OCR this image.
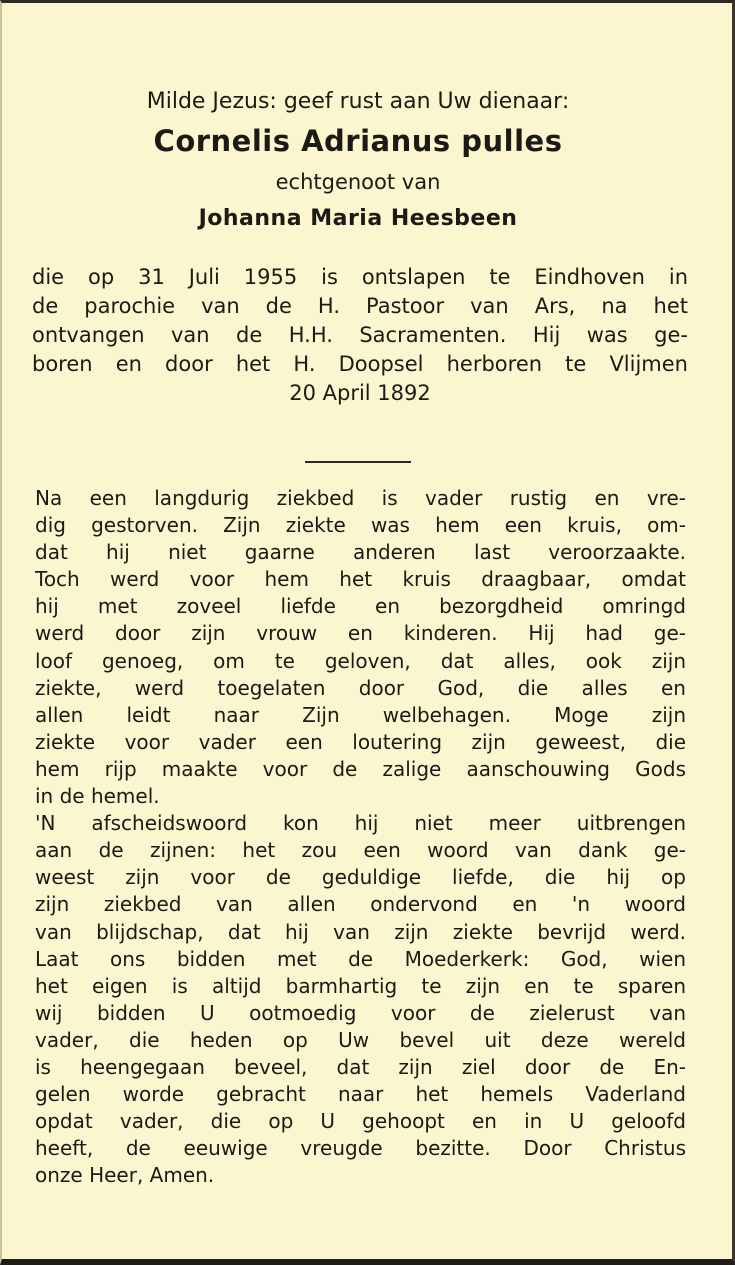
Milde Jezus: geef rust aan Uw dienaar:
Cornelis Adrianus pulles
echtgenoot van
Johanna Maria Heesbeen
die op 31 Juli 1955 is ontslapen te Eindhoven in
de parochie van de H. Pastoor van Ars, na het
ontvangen van de H.H. Sacramenten. Hij was ge-
boren en door het H. Doopsel herboren te Vlijmen
20 April 1892
Na een langdurig ziekbed is vader rustig en vre-
dig gestorven. Zijn ziekte was hem een kruis, om-
dat hij niet gaarne anderen last veroorzaakte.
Toch werd voor hem het kruis draagbaar, omdat
hij met zoveel liefde en bezorgdheid omringd
werd door zijn vrouw en kinderen. Hij had ge-
loof genoeg, om te geloven, dat alles, ook zijn
ziekte, werd toegelaten door God, die alles en
allen leidt naar Zijn welbehagen. Moge zijn
ziekte voor vader een loutering zijn geweest, die
hem rijp maakte voor de zalige aanschouwing Gods
in de hemel.
'N afscheidswoord kon hij niet meer uitbrengen
aan de zijnen: het zou een woord van dank ge-
weest zijn voor de geduldige liefde, die hij op
zijn ziekbed van allen ondervond en 'n woord
van blijdschap, dat hij van zijn ziekte bevrijd werd.
Laat ons bidden met de Moederkerk: God, wien
het eigen is altijd barmhartig te zijn en te sparen
wij bidden U ootmoedig voor de zielerust van
vader, die heden op Uw bevel uit deze wereld
is heengegaan beveel, dat zijn ziel door de En-
gelen worde gebracht naar het hemels Vaderland
opdat vader, die op U gehoopt en in U geloofd
heeft, de eeuwige vreugde bezitte. Door Christus
onze Heer, Amen.
